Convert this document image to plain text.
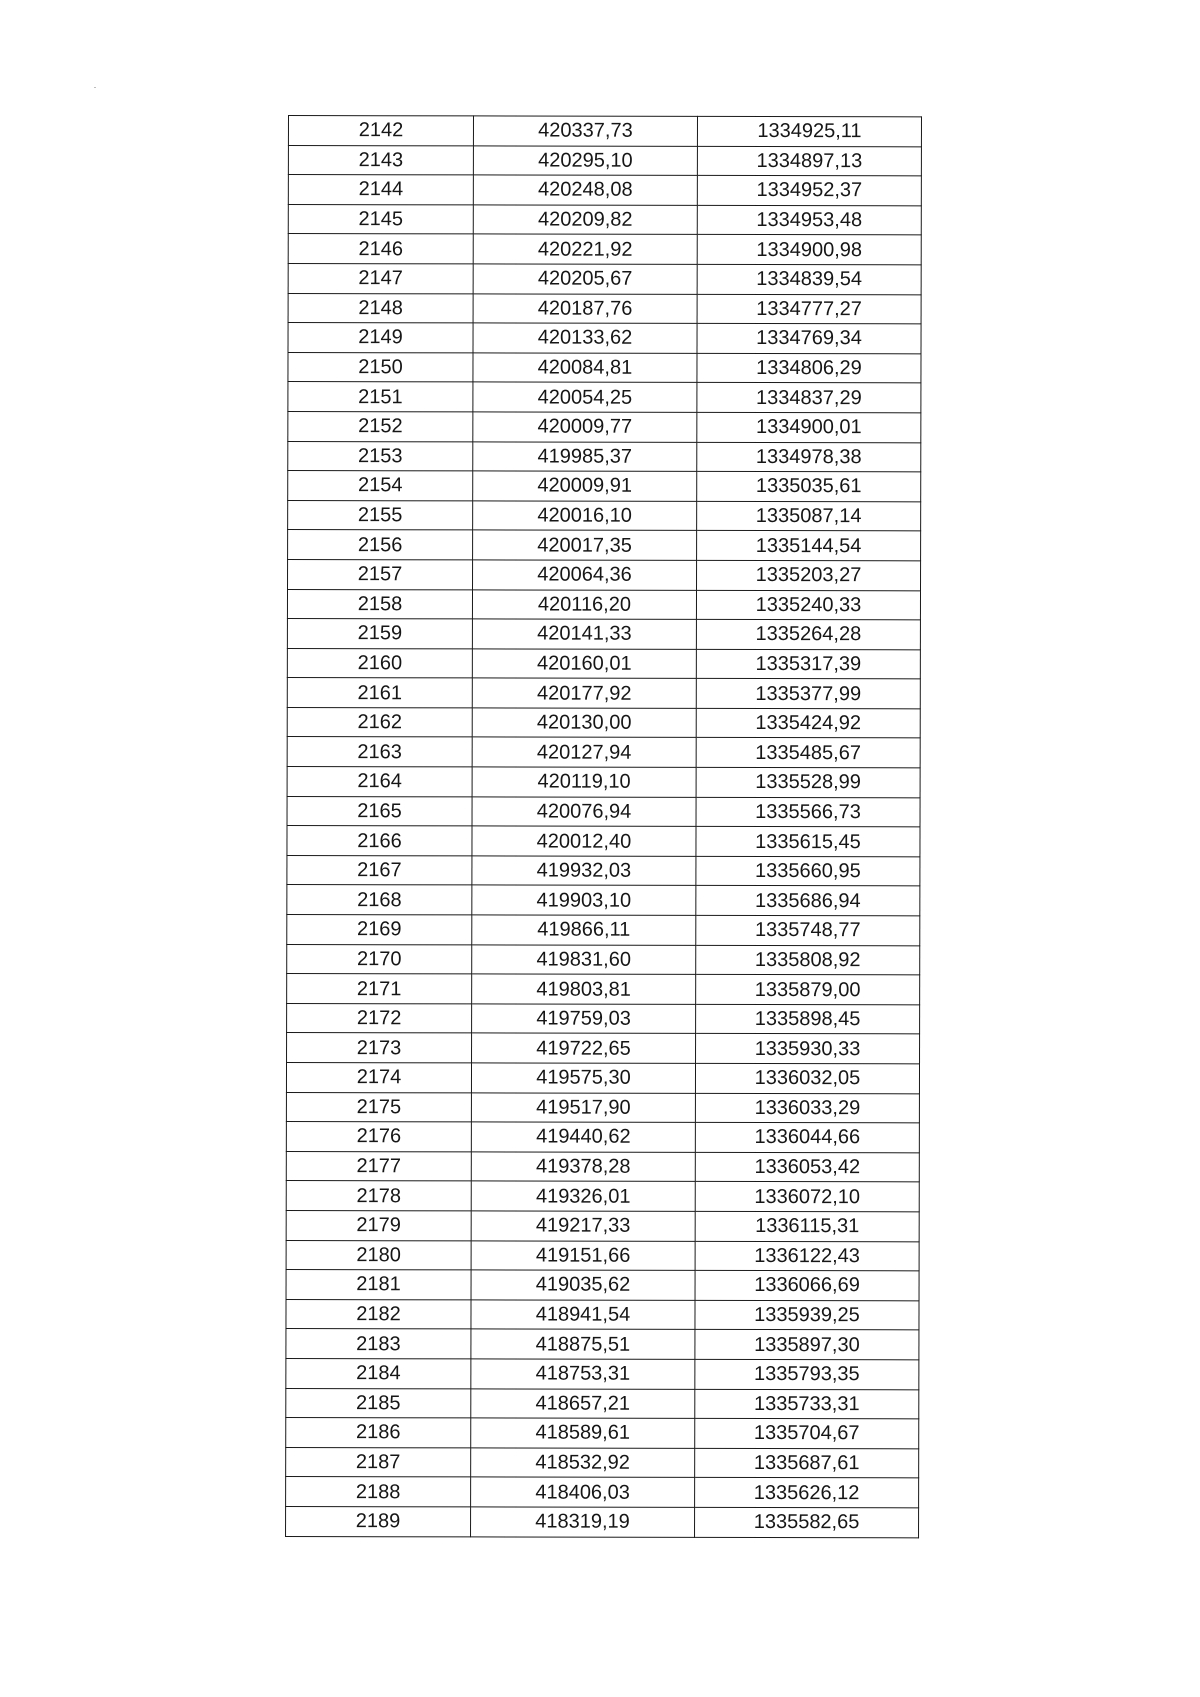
2142	420337,73	1334925,11
2143	420295,10	1334897,13
2144	420248,08	1334952,37
2145	420209,82	1334953,48
2146	420221,92	1334900,98
2147	420205,67	1334839,54
2148	420187,76	1334777,27
2149	420133,62	1334769,34
2150	420084,81	1334806,29
2151	420054,25	1334837,29
2152	420009,77	1334900,01
2153	419985,37	1334978,38
2154	420009,91	1335035,61
2155	420016,10	1335087,14
2156	420017,35	1335144,54
2157	420064,36	1335203,27
2158	420116,20	1335240,33
2159	420141,33	1335264,28
2160	420160,01	1335317,39
2161	420177,92	1335377,99
2162	420130,00	1335424,92
2163	420127,94	1335485,67
2164	420119,10	1335528,99
2165	420076,94	1335566,73
2166	420012,40	1335615,45
2167	419932,03	1335660,95
2168	419903,10	1335686,94
2169	419866,11	1335748,77
2170	419831,60	1335808,92
2171	419803,81	1335879,00
2172	419759,03	1335898,45
2173	419722,65	1335930,33
2174	419575,30	1336032,05
2175	419517,90	1336033,29
2176	419440,62	1336044,66
2177	419378,28	1336053,42
2178	419326,01	1336072,10
2179	419217,33	1336115,31
2180	419151,66	1336122,43
2181	419035,62	1336066,69
2182	418941,54	1335939,25
2183	418875,51	1335897,30
2184	418753,31	1335793,35
2185	418657,21	1335733,31
2186	418589,61	1335704,67
2187	418532,92	1335687,61
2188	418406,03	1335626,12
2189	418319,19	1335582,65
